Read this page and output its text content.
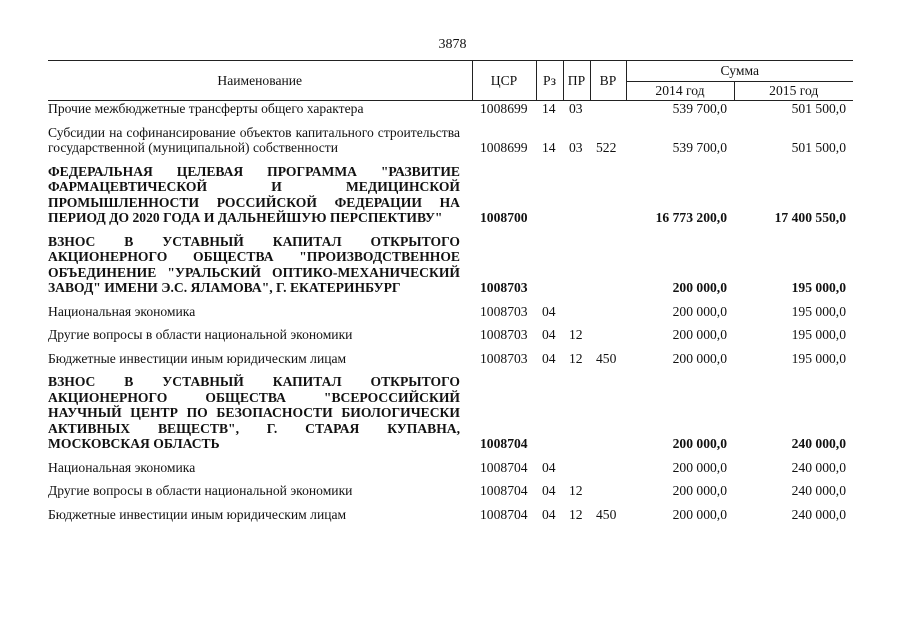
3878
Наименование	ЦСР	Рз	ПР	ВР	Сумма	
					2014 год	2015 год
Прочие межбюджетные трансферты общего характера	1008699	14	03		539 700,0	501 500,0

Субсидии на софинансирование объектов капитального строительства государственной (муниципальной) собственности	1008699	14	03	522	539 700,0	501 500,0

ФЕДЕРАЛЬНАЯ ЦЕЛЕВАЯ ПРОГРАММА "РАЗВИТИЕ ФАРМАЦЕВТИЧЕСКОЙ И МЕДИЦИНСКОЙ ПРОМЫШЛЕННОСТИ РОССИЙСКОЙ ФЕДЕРАЦИИ НА ПЕРИОД ДО 2020 ГОДА И ДАЛЬНЕЙШУЮ ПЕРСПЕКТИВУ"	1008700				16 773 200,0	17 400 550,0

ВЗНОС В УСТАВНЫЙ КАПИТАЛ ОТКРЫТОГО АКЦИОНЕРНОГО ОБЩЕСТВА "ПРОИЗВОДСТВЕННОЕ ОБЪЕДИНЕНИЕ "УРАЛЬСКИЙ ОПТИКО-МЕХАНИЧЕСКИЙ ЗАВОД" ИМЕНИ Э.С. ЯЛАМОВА", Г. ЕКАТЕРИНБУРГ	1008703				200 000,0	195 000,0

Национальная экономика	1008703	04			200 000,0	195 000,0

Другие вопросы в области национальной экономики	1008703	04	12		200 000,0	195 000,0

Бюджетные инвестиции иным юридическим лицам	1008703	04	12	450	200 000,0	195 000,0

ВЗНОС В УСТАВНЫЙ КАПИТАЛ ОТКРЫТОГО АКЦИОНЕРНОГО ОБЩЕСТВА "ВСЕРОССИЙСКИЙ НАУЧНЫЙ ЦЕНТР ПО БЕЗОПАСНОСТИ БИОЛОГИЧЕСКИ АКТИВНЫХ ВЕЩЕСТВ", Г. СТАРАЯ КУПАВНА, МОСКОВСКАЯ ОБЛАСТЬ	1008704				200 000,0	240 000,0

Национальная экономика	1008704	04			200 000,0	240 000,0

Другие вопросы в области национальной экономики	1008704	04	12		200 000,0	240 000,0

Бюджетные инвестиции иным юридическим лицам	1008704	04	12	450	200 000,0	240 000,0
